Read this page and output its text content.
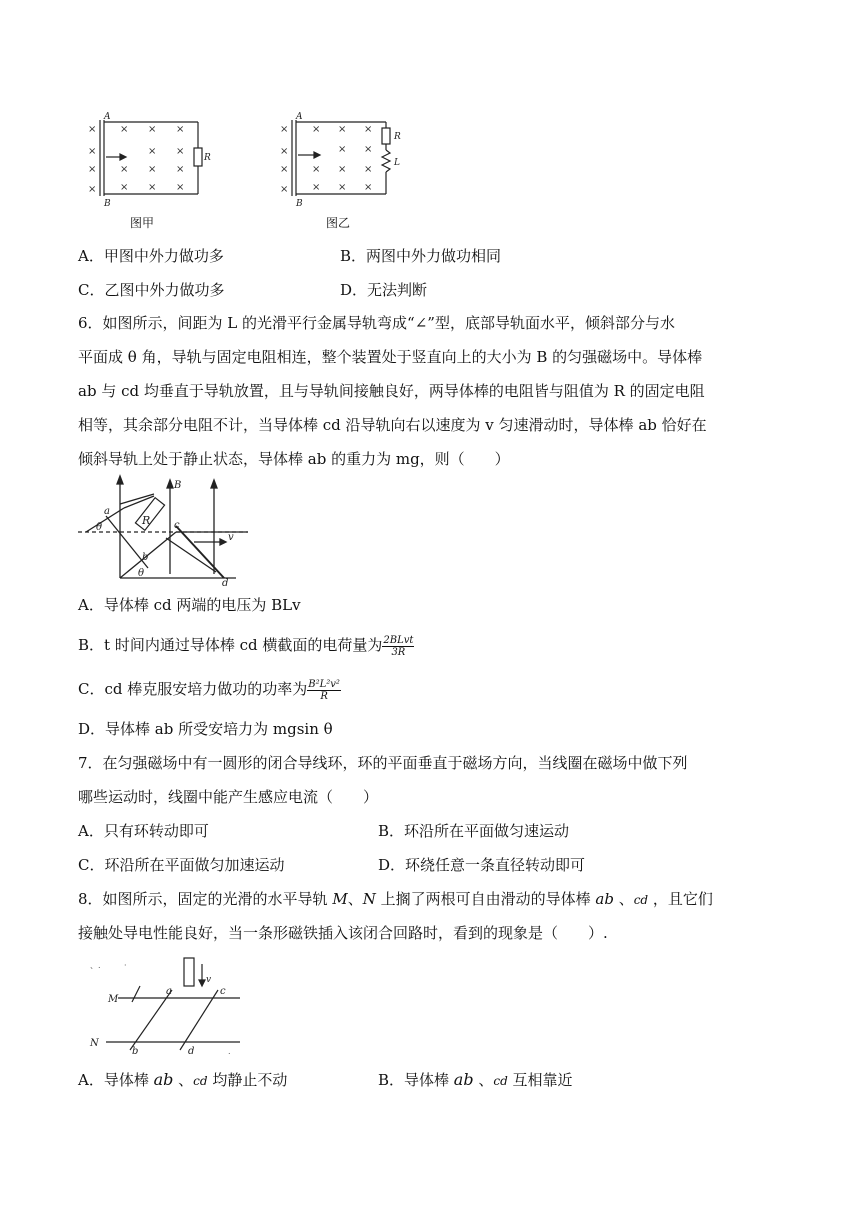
×
×
×
×
× × ×
× ×
× × ×
× × ×
A
B
R
图甲
×
×
×
×
× × ×
× ×
× × ×
× × ×
A
B
R
L
图乙
A．甲图中外力做功多	B．两图中外力做功相同
C．乙图中外力做功多	D．无法判断
6．如图所示，间距为 L 的光滑平行金属导轨弯成“∠”型，底部导轨面水平，倾斜部分与水
平面成 θ 角，导轨与固定电阻相连，整个装置处于竖直向上的大小为 B 的匀强磁场中。导体棒
ab 与 cd 均垂直于导轨放置，且与导轨间接触良好，两导体棒的电阻皆与阻值为 R 的固定电阻
相等，其余部分电阻不计，当导体棒 cd 沿导轨向右以速度为 v 匀速滑动时，导体棒 ab 恰好在
倾斜导轨上处于静止状态，导体棒 ab 的重力为 mg，则（　　）
a
θ
R
B
c
b
θ
v
d
A．导体棒 cd 两端的电压为 BLv
B．t 时间内通过导体棒 cd 横截面的电荷量为 $\frac{\text{2BLvt}}{3R}$
C．cd 棒克服安培力做功的功率为 $\frac{\text{B²L²v²}}{R}$
D．导体棒 ab 所受安培力为 mgsin θ
7．在匀强磁场中有一圆形的闭合导线环，环的平面垂直于磁场方向，当线圈在磁场中做下列
哪些运动时，线圈中能产生感应电流（　　）
A．只有环转动即可	B．环沿所在平面做匀速运动
C．环沿所在平面做匀加速运动	D．环绕任意一条直径转动即可
8．如图所示，固定的光滑的水平导轨 M、N 上搁了两根可自由滑动的导体棒 ab 、cd ，且它们
接触处导电性能良好，当一条形磁铁插入该闭合回路时，看到的现象是（　　）.
、.	·
.
v
M
N
a	c
b	d
A．导体棒 ab 、cd 均静止不动	B．导体棒 ab 、cd 互相靠近
